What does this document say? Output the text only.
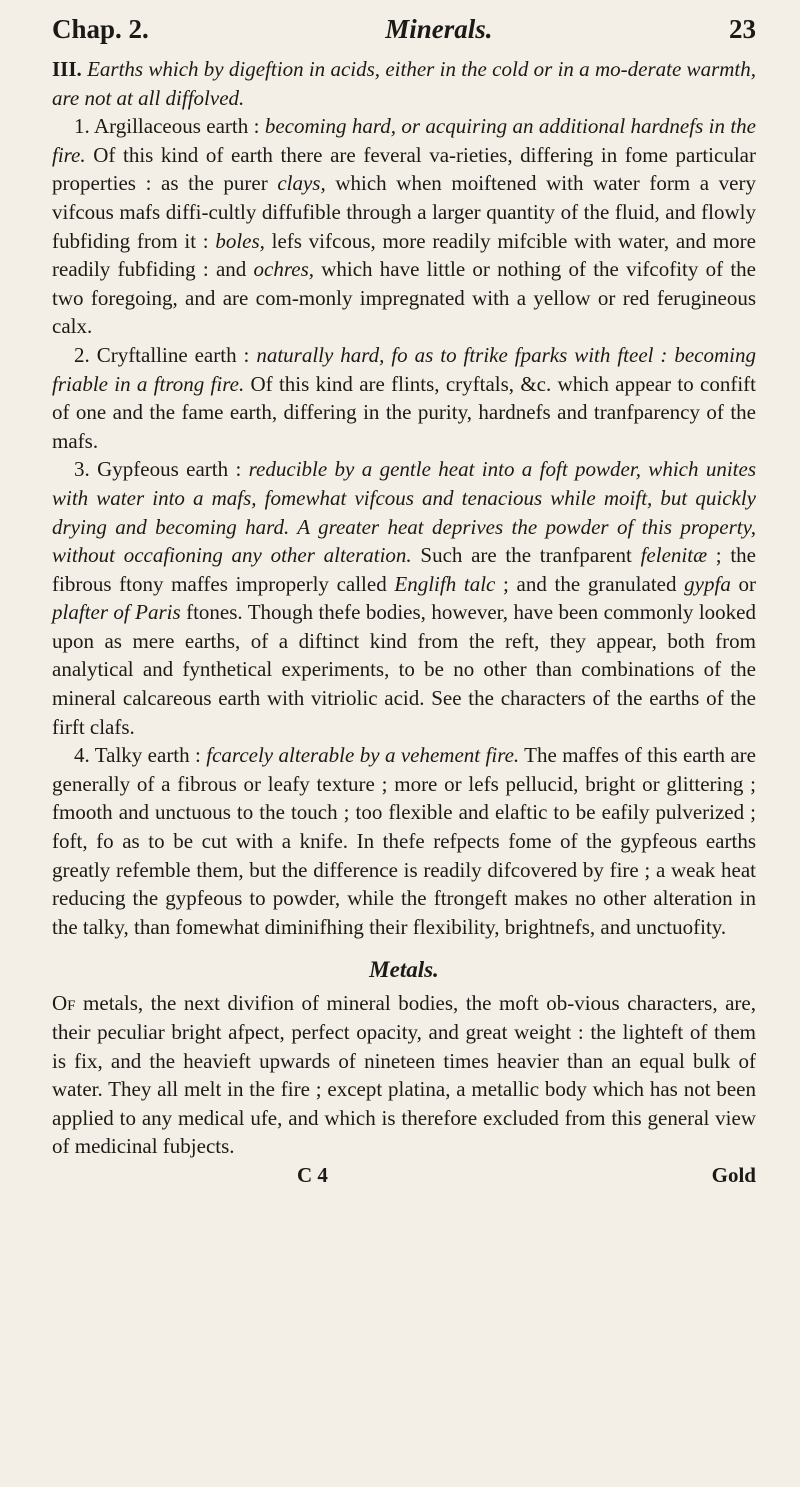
Chap. 2.	Minerals.	23

III. Earths which by digeftion in acids, either in the cold or in a mo-derate warmth, are not at all diffolved.

1. Argillaceous earth : becoming hard, or acquiring an additional hardnefs in the fire. Of this kind of earth there are feveral va-rieties, differing in fome particular properties : as the purer clays, which when moiftened with water form a very vifcous mafs diffi-cultly diffufible through a larger quantity of the fluid, and flowly fubfiding from it : boles, lefs vifcous, more readily mifcible with water, and more readily fubfiding : and ochres, which have little or nothing of the vifcofity of the two foregoing, and are com-monly impregnated with a yellow or red ferugineous calx.

2. Cryftalline earth : naturally hard, fo as to ftrike fparks with fteel : becoming friable in a ftrong fire. Of this kind are flints, cryftals, &c. which appear to confift of one and the fame earth, differing in the purity, hardnefs and tranfparency of the mafs.

3. Gypfeous earth : reducible by a gentle heat into a foft powder, which unites with water into a mafs, fomewhat vifcous and tenacious while moift, but quickly drying and becoming hard. A greater heat deprives the powder of this property, without occafioning any other alteration. Such are the tranfparent felenitæ ; the fibrous ftony maffes improperly called Englifh talc ; and the granulated gypfa or plafter of Paris ftones. Though thefe bodies, however, have been commonly looked upon as mere earths, of a diftinct kind from the reft, they appear, both from analytical and fynthetical experiments, to be no other than combinations of the mineral calcareous earth with vitriolic acid. See the characters of the earths of the firft clafs.

4. Talky earth : fcarcely alterable by a vehement fire. The maffes of this earth are generally of a fibrous or leafy texture ; more or lefs pellucid, bright or glittering ; fmooth and unctuous to the touch ; too flexible and elaftic to be eafily pulverized ; foft, fo as to be cut with a knife. In thefe refpects fome of the gypfeous earths greatly refemble them, but the difference is readily difcovered by fire ; a weak heat reducing the gypfeous to powder, while the ftrongeft makes no other alteration in the talky, than fomewhat diminifhing their flexibility, brightnefs, and unctuofity.

Metals.

Of metals, the next divifion of mineral bodies, the moft ob-vious characters, are, their peculiar bright afpect, perfect opacity, and great weight : the lighteft of them is fix, and the heavieft upwards of nineteen times heavier than an equal bulk of water. They all melt in the fire ; except platina, a metallic body which has not been applied to any medical ufe, and which is therefore excluded from this general view of medicinal fubjects.

C 4	Gold
